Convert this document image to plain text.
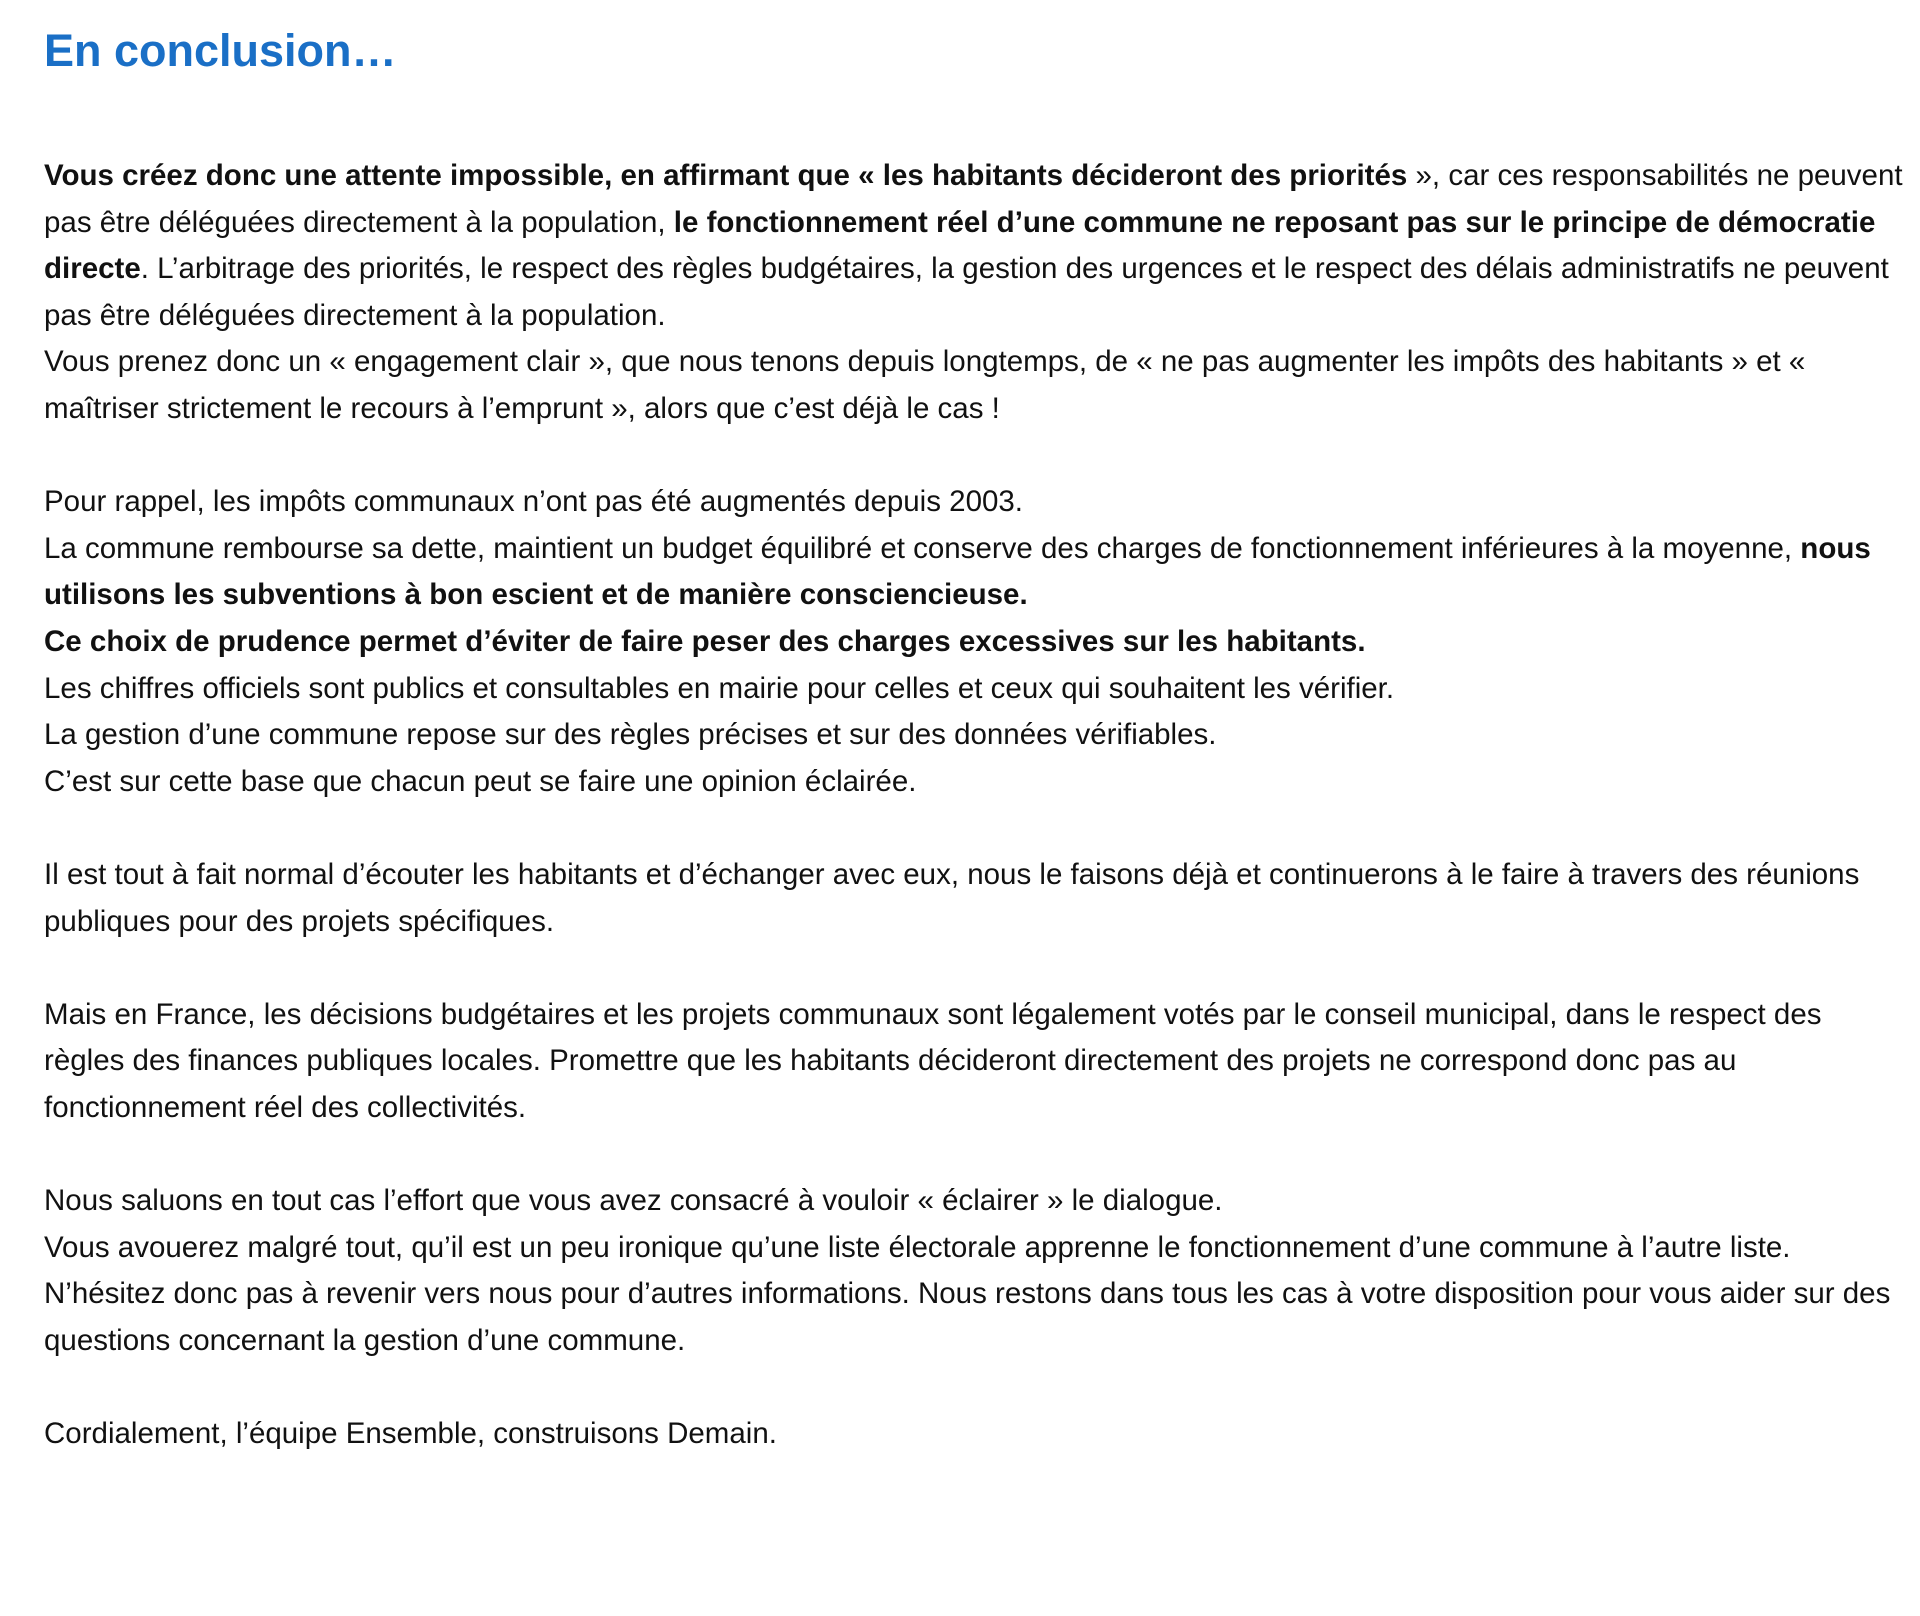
En conclusion…

Vous créez donc une attente impossible, en affirmant que « les habitants décideront des priorités », car ces responsabilités ne peuvent pas être déléguées directement à la population, le fonctionnement réel d’une commune ne reposant pas sur le principe de démocratie directe. L’arbitrage des priorités, le respect des règles budgétaires, la gestion des urgences et le respect des délais administratifs ne peuvent pas être déléguées directement à la population.

Vous prenez donc un « engagement clair », que nous tenons depuis longtemps, de « ne pas augmenter les impôts des habitants » et « maîtriser strictement le recours à l’emprunt », alors que c’est déjà le cas !

Pour rappel, les impôts communaux n’ont pas été augmentés depuis 2003.

La commune rembourse sa dette, maintient un budget équilibré et conserve des charges de fonctionnement inférieures à la moyenne, nous utilisons les subventions à bon escient et de manière consciencieuse.

Ce choix de prudence permet d’éviter de faire peser des charges excessives sur les habitants.

Les chiffres officiels sont publics et consultables en mairie pour celles et ceux qui souhaitent les vérifier.

La gestion d’une commune repose sur des règles précises et sur des données vérifiables.

C’est sur cette base que chacun peut se faire une opinion éclairée.

Il est tout à fait normal d’écouter les habitants et d’échanger avec eux, nous le faisons déjà et continuerons à le faire à travers des réunions publiques pour des projets spécifiques.

Mais en France, les décisions budgétaires et les projets communaux sont légalement votés par le conseil municipal, dans le respect des règles des finances publiques locales. Promettre que les habitants décideront directement des projets ne correspond donc pas au fonctionnement réel des collectivités.

Nous saluons en tout cas l’effort que vous avez consacré à vouloir « éclairer » le dialogue.

Vous avouerez malgré tout, qu’il est un peu ironique qu’une liste électorale apprenne le fonctionnement d’une commune à l’autre liste.

N’hésitez donc pas à revenir vers nous pour d’autres informations. Nous restons dans tous les cas à votre disposition pour vous aider sur des questions concernant la gestion d’une commune.

Cordialement, l’équipe Ensemble, construisons Demain.
